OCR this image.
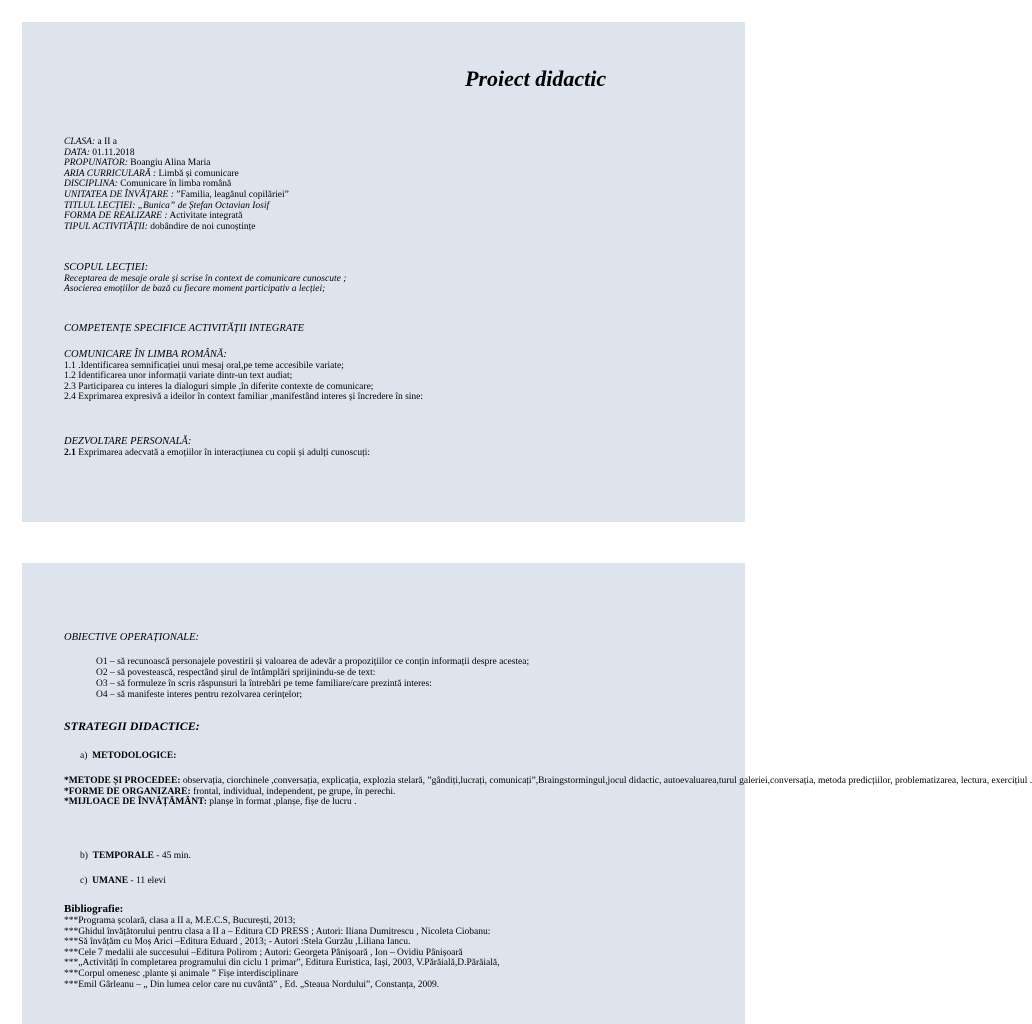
Proiect didactic
CLASA: a II a
DATA: 01.11.2018
PROPUNATOR: Boangiu Alina Maria
ARIA CURRICULARĂ : Limbă și comunicare
DISCIPLINA: Comunicare în limba română
UNITATEA DE ÎNVĂȚARE : ”Familia, leagănul copilăriei”
TITLUL LECȚIEI: „Bunica” de Ștefan Octavian Iosif
FORMA DE REALIZARE : Activitate integrată
TIPUL ACTIVITĂȚII: dobândire de noi cunoștințe
SCOPUL LECȚIEI:
Receptarea de mesaje orale și scrise în context de comunicare cunoscute ;
Asocierea emoțiilor de bază cu fiecare moment participativ a lecției;
COMPETENȚE SPECIFICE ACTIVITĂȚII INTEGRATE
COMUNICARE ÎN LIMBA ROMÂNĂ:
1.1 .Identificarea semnificației unui mesaj oral,pe teme accesibile variate;
1.2 Identificarea unor informații variate dintr-un text audiat;
2.3 Participarea cu interes la dialoguri simple ,în diferite contexte de comunicare;
2.4 Exprimarea expresivă a ideilor în context familiar ,manifestând interes și încredere în sine:
DEZVOLTARE PERSONALĂ:
2.1 Exprimarea adecvată a emoțiilor în interacțiunea cu copii și adulți cunoscuți:
OBIECTIVE OPERAȚIONALE:
O1 – să recunoască personajele povestirii și valoarea de adevăr a propozițiilor ce conțin informații despre acestea;
O2 – să povestească, respectând șirul de întâmplări sprijinindu-se de text:
O3 – să formuleze în scris răspunsuri la întrebări pe teme familiare/care prezintă interes:
O4 – să manifeste interes pentru rezolvarea cerințelor;
STRATEGII DIDACTICE:
a) METODOLOGICE:
*METODE ȘI PROCEDEE: observația, ciorchinele ,conversația, explicația, explozia stelară, ”gândiți,lucrați, comunicați”,Braingstormingul,jocul didactic, autoevaluarea,turul galeriei,conversația, metoda predicțiilor, problematizarea, lectura, exercițiul .
*FORME DE ORGANIZARE: frontal, individual, independent, pe grupe, în perechi.
*MIJLOACE DE ÎNVĂȚĂMÂNT: planșe în format ,planșe, fișe de lucru .
b) TEMPORALE - 45 min.
c) UMANE - 11 elevi
Bibliografie:
***Programa școlară, clasa a II a, M.E.C.S, București, 2013;
***Ghidul învățătorului pentru clasa a II a – Editura CD PRESS ; Autori: Iliana Dumitrescu , Nicoleta Ciobanu:
***Să învățăm cu Moș Arici –Editura Eduard , 2013; - Autori :Stela Gurzău ,Liliana Iancu.
***Cele 7 medalii ale succesului –Editura Polirom ; Autori: Georgeta Pânișoară , Ion – Ovidiu Pânișoară
***„Activități în completarea programului din ciclu 1 primar”, Editura Euristica, Iași, 2003, V.Părăială,D.Părăială,
***Corpul omenesc ,plante și animale ” Fișe interdisciplinare
***Emil Gârleanu – „ Din lumea celor care nu cuvântă” , Ed. „Steaua Nordului”, Constanța, 2009.
